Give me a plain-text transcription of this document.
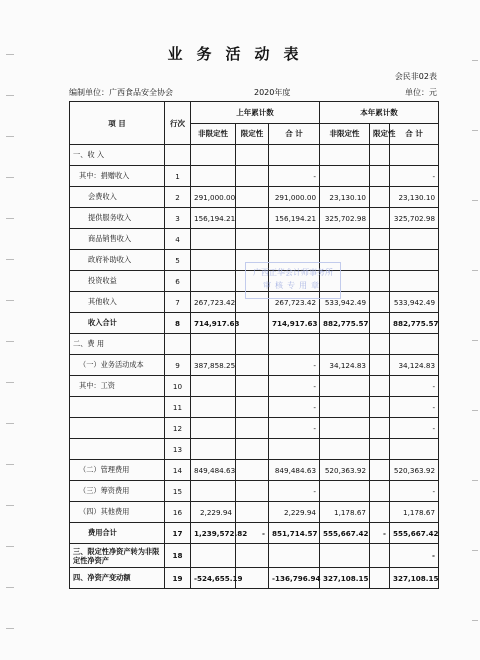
业务活动表
会民非02表
编制单位：广西食品安全协会	2020年度	单位：元
项 目	行次	上年累计数			本年累计数		
		非限定性	限定性	合 计	非限定性	限定性	合 计
一、收 入							
其中：捐赠收入	1			-			-
会费收入	2	291,000.00		291,000.00	23,130.10		23,130.10
提供服务收入	3	156,194.21		156,194.21	325,702.98		325,702.98
商品销售收入	4						
政府补助收入	5						
投资收益	6						
其他收入	7	267,723.42		267,723.42	533,942.49		533,942.49
收入合计	8	714,917.63		714,917.63	882,775.57		882,775.57
二、费 用							
（一）业务活动成本	9	387,858.25		-	34,124.83		34,124.83
其中：工资	10			-			-
	11			-			-
	12			-			-
	13						
（二）管理费用	14	849,484.63		849,484.63	520,363.92		520,363.92
（三）筹资费用	15			-			-
（四）其他费用	16	2,229.94		2,229.94	1,178.67		1,178.67
费用合计	17	1,239,572.82	-	851,714.57	555,667.42	-	555,667.42
三、限定性净资产转为非限定性净资产	18						-
四、净资产变动额	19	-524,655.19		-136,796.94	327,108.15		327,108.15
广西正华会计师事务所
审核专用章
